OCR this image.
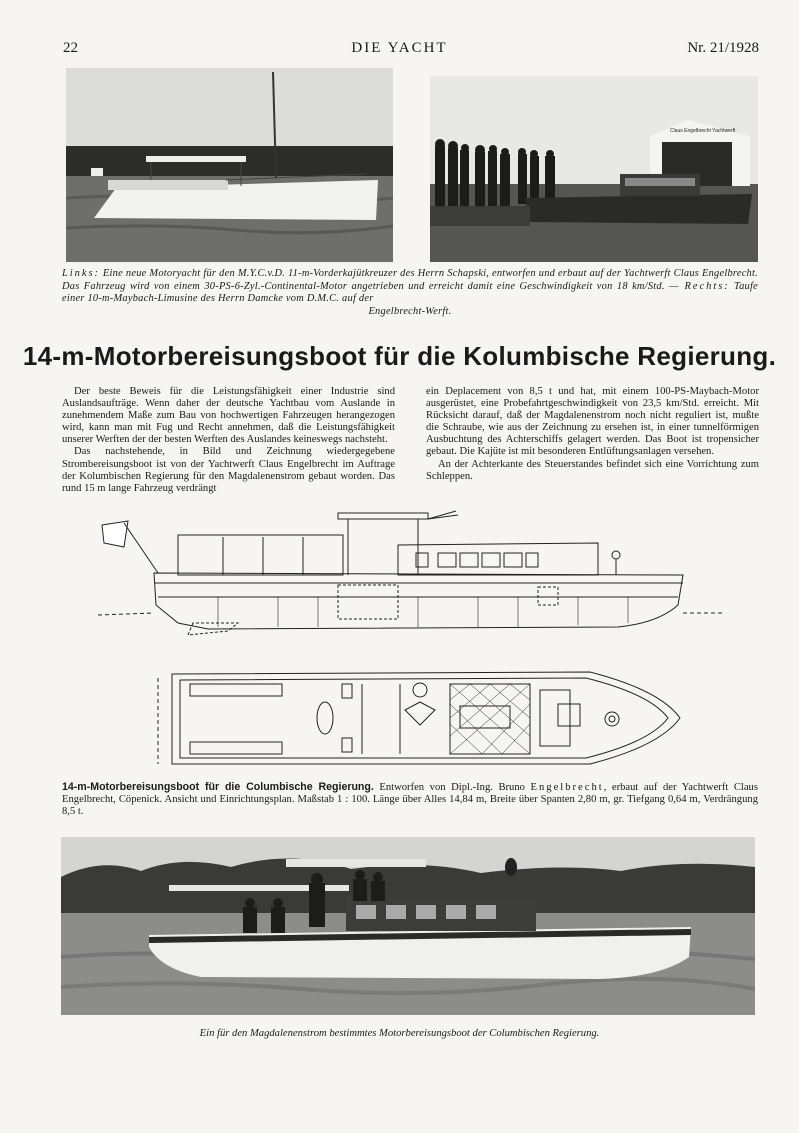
22	DIE YACHT	Nr. 21/1928
Claus Engelbrecht Yachtwerft
Links: Eine neue Motoryacht für den M.Y.C.v.D. 11-m-Vorderkajütkreuzer des Herrn Schapski, entworfen und erbaut auf der Yachtwerft Claus Engelbrecht. Das Fahrzeug wird von einem 30-PS-6-Zyl.-Continental-Motor angetrieben und erreicht damit eine Geschwindigkeit von 18 km/Std. — Rechts: Taufe einer 10-m-Maybach-Limusine des Herrn Damcke vom D.M.C. auf der
Engelbrecht-Werft.
14-m-Motorbereisungsboot für die Kolumbische Regierung.

Der beste Beweis für die Leistungsfähigkeit einer Industrie sind Auslandsaufträge. Wenn daher der deutsche Yachtbau vom Auslande in zunehmendem Maße zum Bau von hochwertigen Fahrzeugen herangezogen wird, kann man mit Fug und Recht annehmen, daß die Leistungsfähigkeit unserer Werften der der besten Werften des Auslandes keineswegs nachsteht.

Das nachstehende, in Bild und Zeichnung wiedergegebene Strombereisungsboot ist von der Yachtwerft Claus Engelbrecht im Auftrage der Kolumbischen Regierung für den Magdalenenstrom gebaut worden. Das rund 15 m lange Fahrzeug verdrängt

ein Deplacement von 8,5 t und hat, mit einem 100-PS-Maybach-Motor ausgerüstet, eine Probefahrtgeschwindigkeit von 23,5 km/Std. erreicht. Mit Rücksicht darauf, daß der Magdalenenstrom noch nicht reguliert ist, mußte die Schraube, wie aus der Zeichnung zu ersehen ist, in einer tunnelförmigen Ausbuchtung des Achterschiffs gelagert werden. Das Boot ist tropensicher gebaut. Die Kajüte ist mit besonderen Entlüftungsanlagen versehen.

An der Achterkante des Steuerstandes befindet sich eine Vorrichtung zum Schleppen.

14-m-Motorbereisungsboot für die Columbische Regierung. Entworfen von Dipl.-Ing. Bruno Engelbrecht, erbaut auf der Yachtwerft Claus Engelbrecht, Cöpenick. Ansicht und Einrichtungsplan. Maßstab 1 : 100. Länge über Alles 14,84 m, Breite über Spanten 2,80 m, gr. Tiefgang 0,64 m, Verdrängung 8,5 t.
Ein für den Magdalenenstrom bestimmtes Motorbereisungsboot der Columbischen Regierung.
